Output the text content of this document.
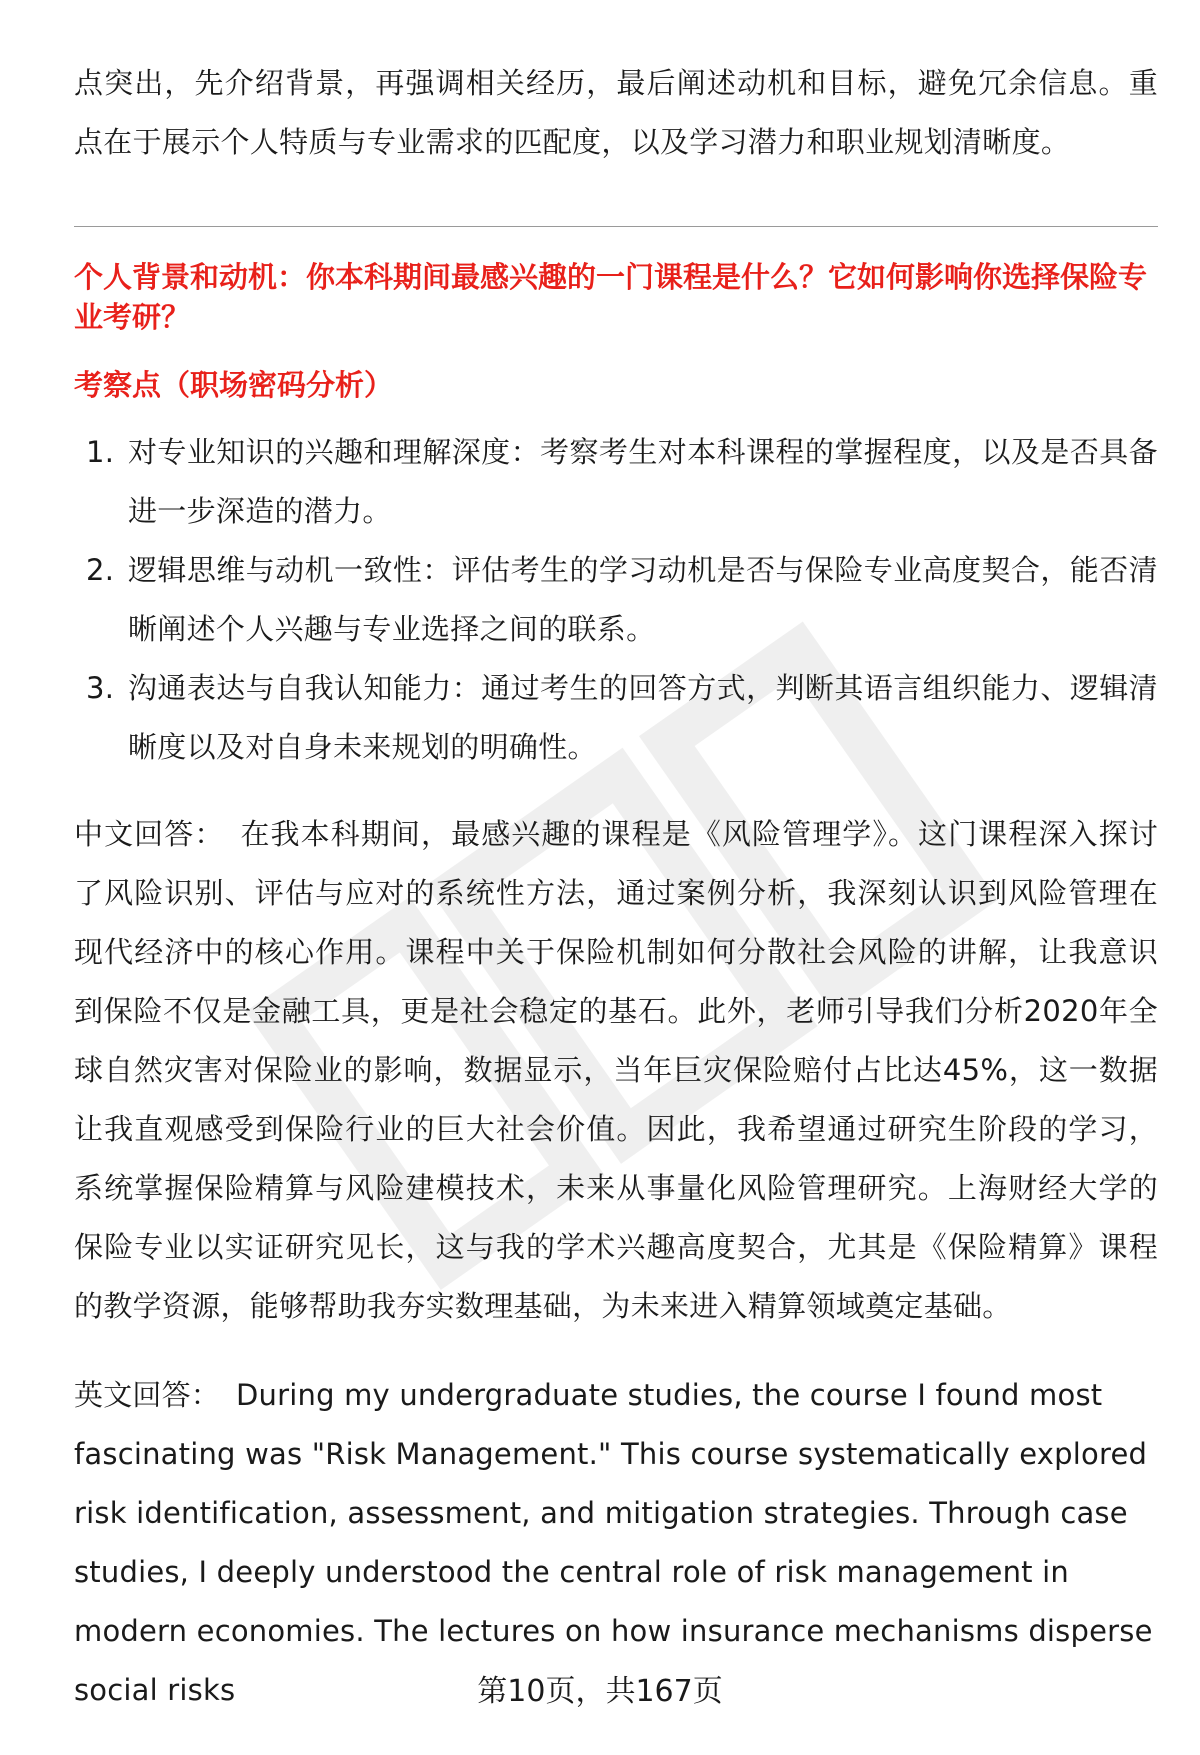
点突出，先介绍背景，再强调相关经历，最后阐述动机和目标，避免冗余信息。重点在于展示个人特质与专业需求的匹配度，以及学习潜力和职业规划清晰度。

个人背景和动机：你本科期间最感兴趣的一门课程是什么？它如何影响你选择保险专业考研？

考察点（职场密码分析）

1. 对专业知识的兴趣和理解深度：考察考生对本科课程的掌握程度，以及是否具备进一步深造的潜力。
2. 逻辑思维与动机一致性：评估考生的学习动机是否与保险专业高度契合，能否清晰阐述个人兴趣与专业选择之间的联系。
3. 沟通表达与自我认知能力：通过考生的回答方式，判断其语言组织能力、逻辑清晰度以及对自身未来规划的明确性。

中文回答： 在我本科期间，最感兴趣的课程是《风险管理学》。这门课程深入探讨了风险识别、评估与应对的系统性方法，通过案例分析，我深刻认识到风险管理在现代经济中的核心作用。课程中关于保险机制如何分散社会风险的讲解，让我意识到保险不仅是金融工具，更是社会稳定的基石。此外，老师引导我们分析2020年全球自然灾害对保险业的影响，数据显示，当年巨灾保险赔付占比达45%，这一数据让我直观感受到保险行业的巨大社会价值。因此，我希望通过研究生阶段的学习，系统掌握保险精算与风险建模技术，未来从事量化风险管理研究。上海财经大学的保险专业以实证研究见长，这与我的学术兴趣高度契合，尤其是《保险精算》课程的教学资源，能够帮助我夯实数理基础，为未来进入精算领域奠定基础。

英文回答： During my undergraduate studies, the course I found most fascinating was "Risk Management." This course systematically explored risk identification, assessment, and mitigation strategies. Through case studies, I deeply understood the central role of risk management in modern economies. The lectures on how insurance mechanisms disperse social risks	第10页，共167页
